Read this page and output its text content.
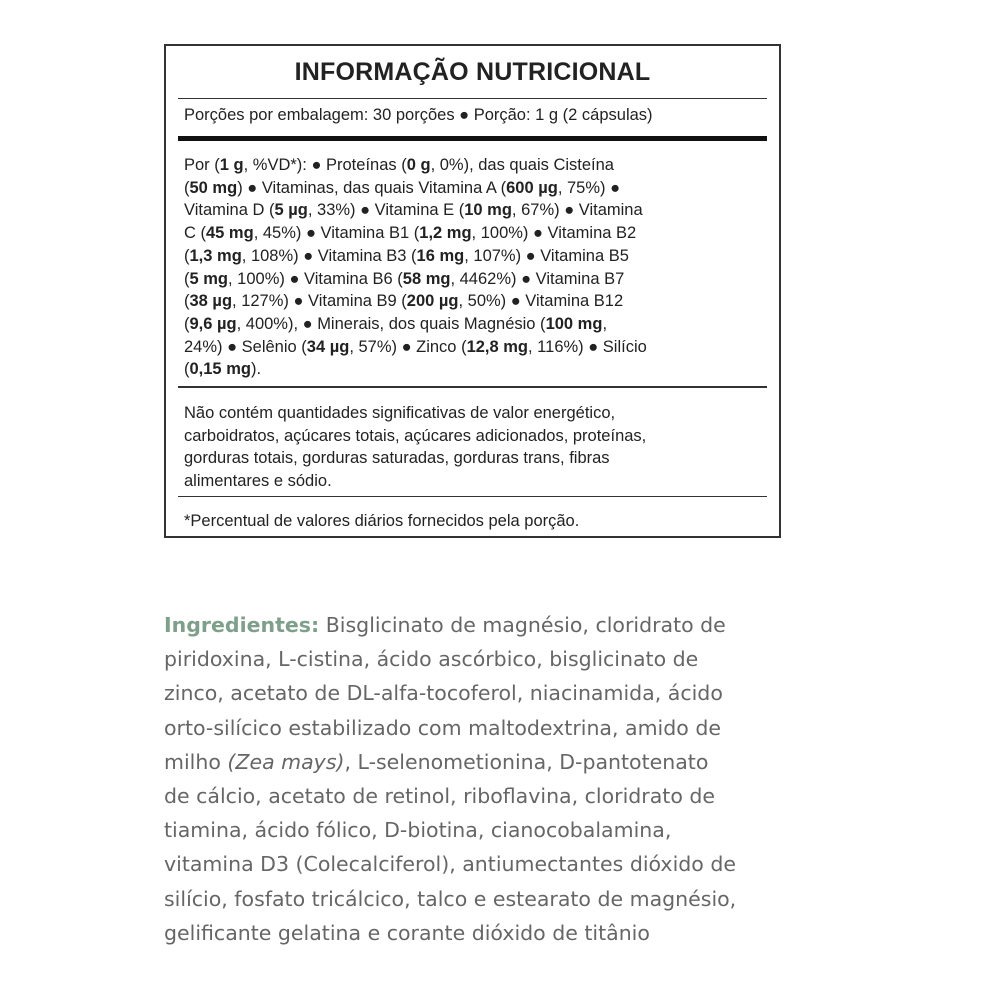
INFORMAÇÃO NUTRICIONAL
Porções por embalagem: 30 porções ● Porção: 1 g (2 cápsulas)
Por (1 g, %VD*): ● Proteínas (0 g, 0%), das quais Cisteína
(50 mg) ● Vitaminas, das quais Vitamina A (600 µg, 75%) ●
Vitamina D (5 µg, 33%) ● Vitamina E (10 mg, 67%) ● Vitamina
C (45 mg, 45%) ● Vitamina B1 (1,2 mg, 100%) ● Vitamina B2
(1,3 mg, 108%) ● Vitamina B3 (16 mg, 107%) ● Vitamina B5
(5 mg, 100%) ● Vitamina B6 (58 mg, 4462%) ● Vitamina B7
(38 µg, 127%) ● Vitamina B9 (200 µg, 50%) ● Vitamina B12
(9,6 µg, 400%), ● Minerais, dos quais Magnésio (100 mg,
24%) ● Selênio (34 µg, 57%) ● Zinco (12,8 mg, 116%) ● Silício
(0,15 mg).
Não contém quantidades significativas de valor energético,
carboidratos, açúcares totais, açúcares adicionados, proteínas,
gorduras totais, gorduras saturadas, gorduras trans, fibras
alimentares e sódio.
*Percentual de valores diários fornecidos pela porção.
Ingredientes: Bisglicinato de magnésio, cloridrato de
piridoxina, L-cistina, ácido ascórbico, bisglicinato de
zinco, acetato de DL-alfa-tocoferol, niacinamida, ácido
orto-silícico estabilizado com maltodextrina, amido de
milho (Zea mays), L-selenometionina, D-pantotenato
de cálcio, acetato de retinol, riboflavina, cloridrato de
tiamina, ácido fólico, D-biotina, cianocobalamina,
vitamina D3 (Colecalciferol), antiumectantes dióxido de
silício, fosfato tricálcico, talco e estearato de magnésio,
gelificante gelatina e corante dióxido de titânio
